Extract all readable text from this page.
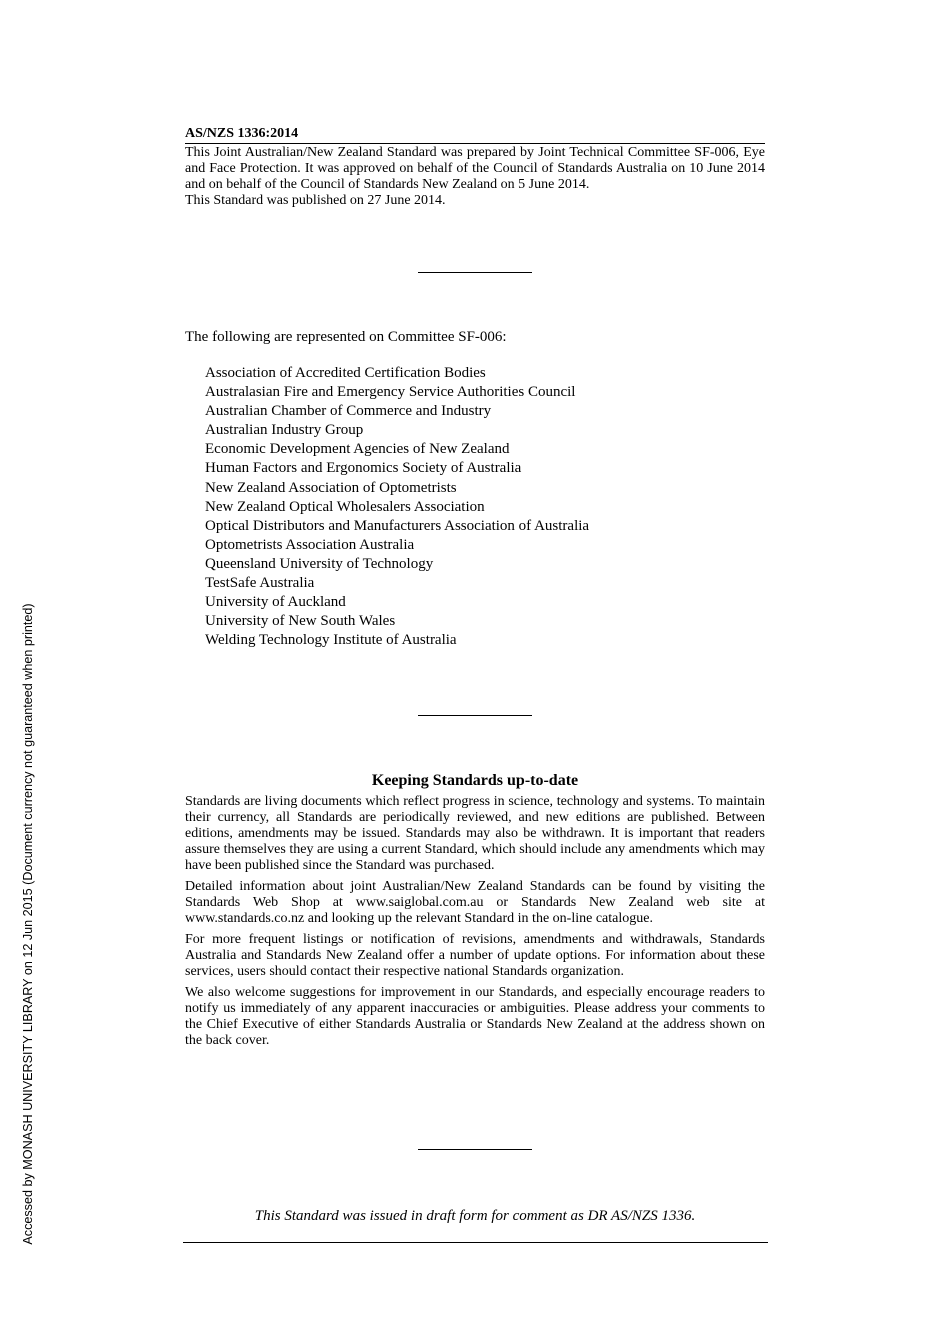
AS/NZS 1336:2014

This Joint Australian/New Zealand Standard was prepared by Joint Technical Committee SF-006, Eye and Face Protection. It was approved on behalf of the Council of Standards Australia on 10 June 2014 and on behalf of the Council of Standards New Zealand on 5 June 2014.

This Standard was published on 27 June 2014.

The following are represented on Committee SF-006:
Association of Accredited Certification Bodies
Australasian Fire and Emergency Service Authorities Council
Australian Chamber of Commerce and Industry
Australian Industry Group
Economic Development Agencies of New Zealand
Human Factors and Ergonomics Society of Australia
New Zealand Association of Optometrists
New Zealand Optical Wholesalers Association
Optical Distributors and Manufacturers Association of Australia
Optometrists Association Australia
Queensland University of Technology
TestSafe Australia
University of Auckland
University of New South Wales
Welding Technology Institute of Australia
Keeping Standards up-to-date

Standards are living documents which reflect progress in science, technology and systems. To maintain their currency, all Standards are periodically reviewed, and new editions are published. Between editions, amendments may be issued. Standards may also be withdrawn. It is important that readers assure themselves they are using a current Standard, which should include any amendments which may have been published since the Standard was purchased.

Detailed information about joint Australian/New Zealand Standards can be found by visiting the Standards Web Shop at www.saiglobal.com.au or Standards New Zealand web site at www.standards.co.nz and looking up the relevant Standard in the on-line catalogue.

For more frequent listings or notification of revisions, amendments and withdrawals, Standards Australia and Standards New Zealand offer a number of update options. For information about these services, users should contact their respective national Standards organization.

We also welcome suggestions for improvement in our Standards, and especially encourage readers to notify us immediately of any apparent inaccuracies or ambiguities. Please address your comments to the Chief Executive of either Standards Australia or Standards New Zealand at the address shown on the back cover.

This Standard was issued in draft form for comment as DR AS/NZS 1336.
Accessed by MONASH UNIVERSITY LIBRARY on 12 Jun 2015 (Document currency not guaranteed when printed)
